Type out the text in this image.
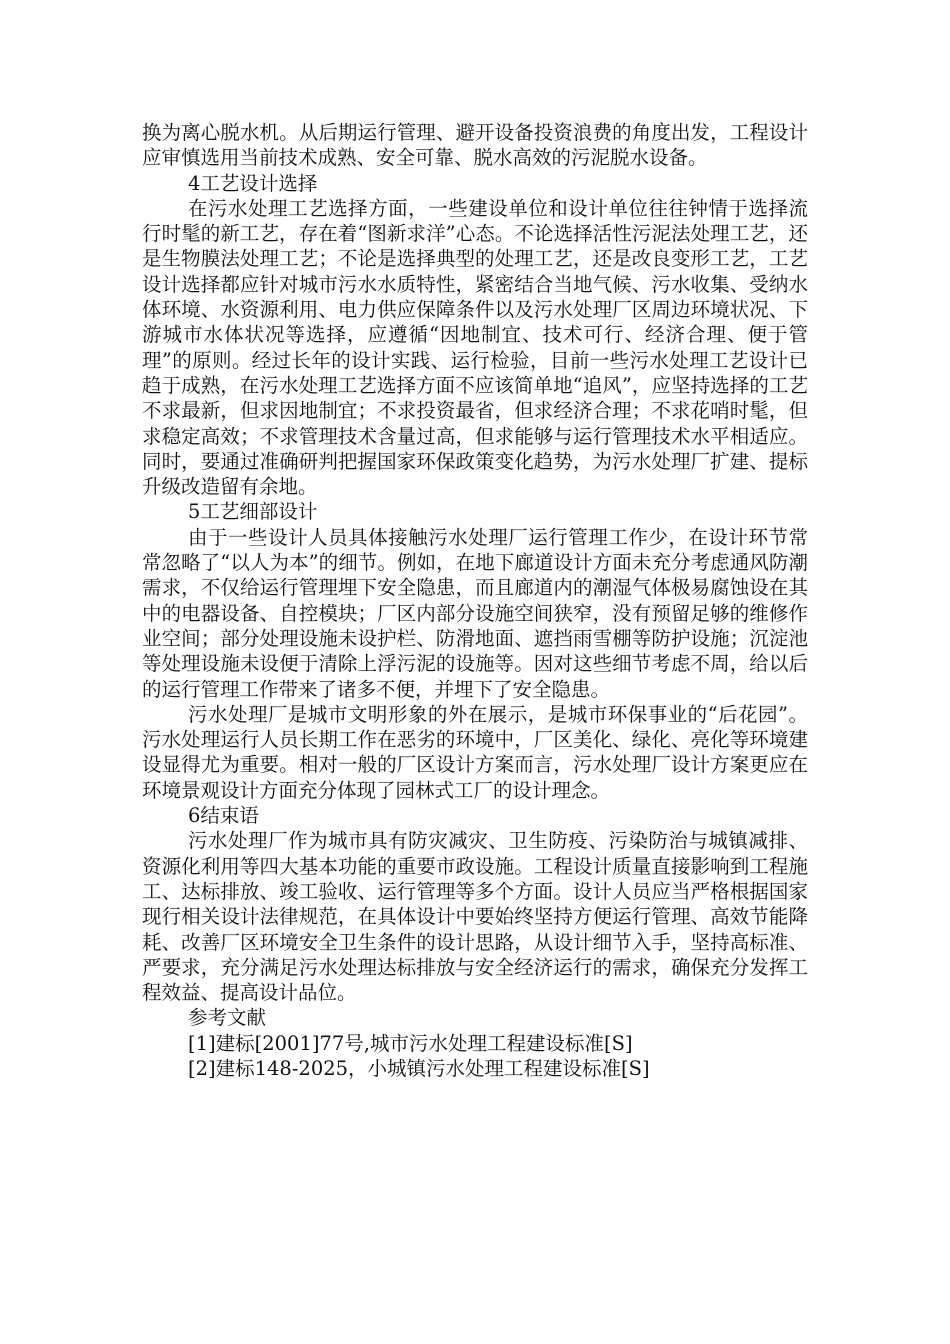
换为离心脱水机。从后期运行管理、避开设备投资浪费的角度出发，工程设计应审慎选用当前技术成熟、安全可靠、脱水高效的污泥脱水设备。

4工艺设计选择

在污水处理工艺选择方面，一些建设单位和设计单位往往钟情于选择流行时髦的新工艺，存在着“图新求洋”心态。不论选择活性污泥法处理工艺，还是生物膜法处理工艺；不论是选择典型的处理工艺，还是改良变形工艺，工艺设计选择都应针对城市污水水质特性，紧密结合当地气候、污水收集、受纳水体环境、水资源利用、电力供应保障条件以及污水处理厂区周边环境状况、下游城市水体状况等选择，应遵循“因地制宜、技术可行、经济合理、便于管理”的原则。经过长年的设计实践、运行检验，目前一些污水处理工艺设计已趋于成熟，在污水处理工艺选择方面不应该简单地“追风”，应坚持选择的工艺不求最新，但求因地制宜；不求投资最省，但求经济合理；不求花哨时髦，但求稳定高效；不求管理技术含量过高，但求能够与运行管理技术水平相适应。同时，要通过准确研判把握国家环保政策变化趋势，为污水处理厂扩建、提标升级改造留有余地。

5工艺细部设计

由于一些设计人员具体接触污水处理厂运行管理工作少，在设计环节常常忽略了“以人为本”的细节。例如，在地下廊道设计方面未充分考虑通风防潮需求，不仅给运行管理埋下安全隐患，而且廊道内的潮湿气体极易腐蚀设在其中的电器设备、自控模块；厂区内部分设施空间狭窄，没有预留足够的维修作业空间；部分处理设施未设护栏、防滑地面、遮挡雨雪棚等防护设施；沉淀池等处理设施未设便于清除上浮污泥的设施等。因对这些细节考虑不周，给以后的运行管理工作带来了诸多不便，并埋下了安全隐患。

污水处理厂是城市文明形象的外在展示，是城市环保事业的“后花园”。污水处理运行人员长期工作在恶劣的环境中，厂区美化、绿化、亮化等环境建设显得尤为重要。相对一般的厂区设计方案而言，污水处理厂设计方案更应在环境景观设计方面充分体现了园林式工厂的设计理念。

6结束语

污水处理厂作为城市具有防灾减灾、卫生防疫、污染防治与城镇减排、资源化利用等四大基本功能的重要市政设施。工程设计质量直接影响到工程施工、达标排放、竣工验收、运行管理等多个方面。设计人员应当严格根据国家现行相关设计法律规范，在具体设计中要始终坚持方便运行管理、高效节能降耗、改善厂区环境安全卫生条件的设计思路，从设计细节入手，坚持高标准、严要求，充分满足污水处理达标排放与安全经济运行的需求，确保充分发挥工程效益、提高设计品位。

参考文献

[1]建标[2001]77号,城市污水处理工程建设标准[S]

[2]建标148-2025，小城镇污水处理工程建设标准[S]
